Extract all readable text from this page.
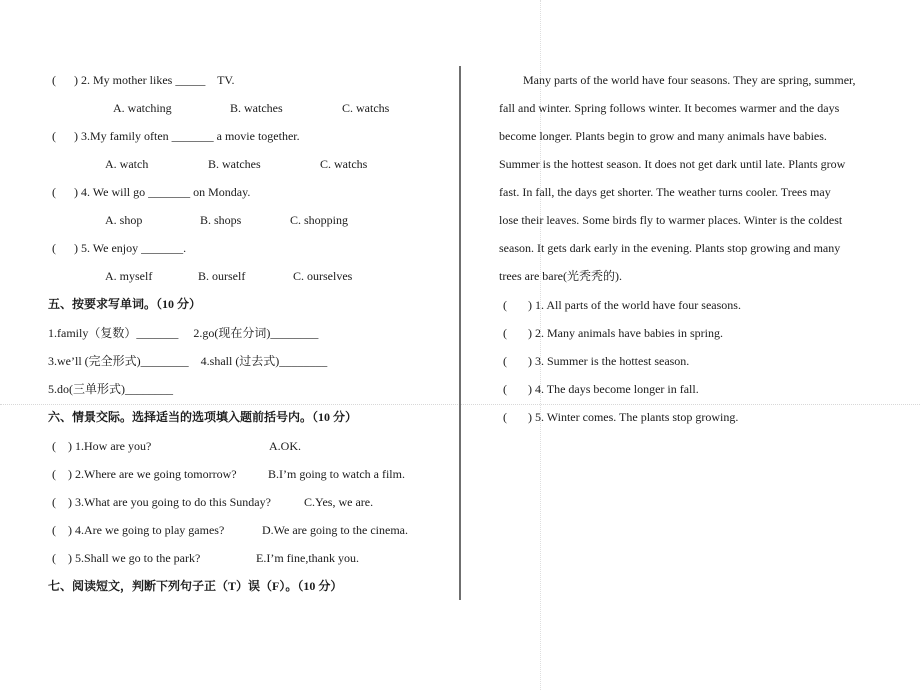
(      ) 2. My mother likes _____    TV.
A. watching	B. watches	C. watchs
(      ) 3.My family often _______ a movie together.
A. watch	B. watches	C. watchs
(      ) 4. We will go _______ on Monday.
A. shop	B. shops	C. shopping
(      ) 5. We enjoy _______.
A. myself	B. ourself	C. ourselves
五、按要求写单词。（10 分）
1.family（复数）_______     2.go(现在分词)________
3.we’ll (完全形式)________    4.shall (过去式)________
5.do(三单形式)________
六、情景交际。选择适当的选项填入题前括号内。（10 分）
(    ) 1.How are you?	A.OK.
(    ) 2.Where are we going tomorrow?	B.I’m going to watch a film.
(    ) 3.What are you going to do this Sunday?	C.Yes, we are.
(    ) 4.Are we going to play games?	D.We are going to the cinema.
(    ) 5.Shall we go to the park?	E.I’m fine,thank you.
七、阅读短文，判断下列句子正（T）误（F）。（10 分）
Many parts of the world have four seasons. They are spring, summer,
fall and winter. Spring follows winter. It becomes warmer and the days
become longer. Plants begin to grow and many animals have babies.
Summer is the hottest season. It does not get dark until late. Plants grow
fast. In fall, the days get shorter. The weather turns cooler. Trees may
lose their leaves. Some birds fly to warmer places. Winter is the coldest
season. It gets dark early in the evening. Plants stop growing and many
trees are bare(光秃秃的).
(       ) 1. All parts of the world have four seasons.
(       ) 2. Many animals have babies in spring.
(       ) 3. Summer is the hottest season.
(       ) 4. The days become longer in fall.
(       ) 5. Winter comes. The plants stop growing.
